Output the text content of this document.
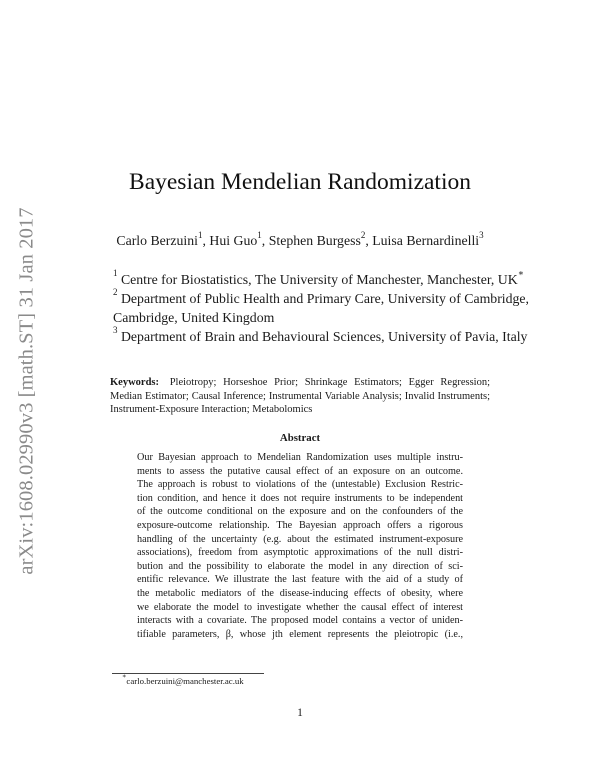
arXiv:1608.02990v3 [math.ST] 31 Jan 2017
Bayesian Mendelian Randomization
Carlo Berzuini$^1$, Hui Guo$^1$, Stephen Burgess$^2$, Luisa Bernardinelli$^3$
$^1$ Centre for Biostatistics, The University of Manchester, Manchester, UK∗
$^2$ Department of Public Health and Primary Care, University of Cambridge,
Cambridge, United Kingdom
$^3$ Department of Brain and Behavioural Sciences, University of Pavia, Italy
Keywords: Pleiotropy; Horseshoe Prior; Shrinkage Estimators; Egger Regression; Median Estimator; Causal Inference; Instrumental Variable Analysis; Invalid Instruments; Instrument-Exposure Interaction; Metabolomics
Abstract
Our Bayesian approach to Mendelian Randomization uses multiple instru-
ments to assess the putative causal effect of an exposure on an outcome.
The approach is robust to violations of the (untestable) Exclusion Restric-
tion condition, and hence it does not require instruments to be independent
of the outcome conditional on the exposure and on the confounders of the
exposure-outcome relationship. The Bayesian approach offers a rigorous
handling of the uncertainty (e.g. about the estimated instrument-exposure
associations), freedom from asymptotic approximations of the null distri-
bution and the possibility to elaborate the model in any direction of sci-
entific relevance. We illustrate the last feature with the aid of a study of
the metabolic mediators of the disease-inducing effects of obesity, where
we elaborate the model to investigate whether the causal effect of interest
interacts with a covariate. The proposed model contains a vector of uniden-
tifiable parameters, β, whose jth element represents the pleiotropic (i.e.,
∗carlo.berzuini@manchester.ac.uk
1
